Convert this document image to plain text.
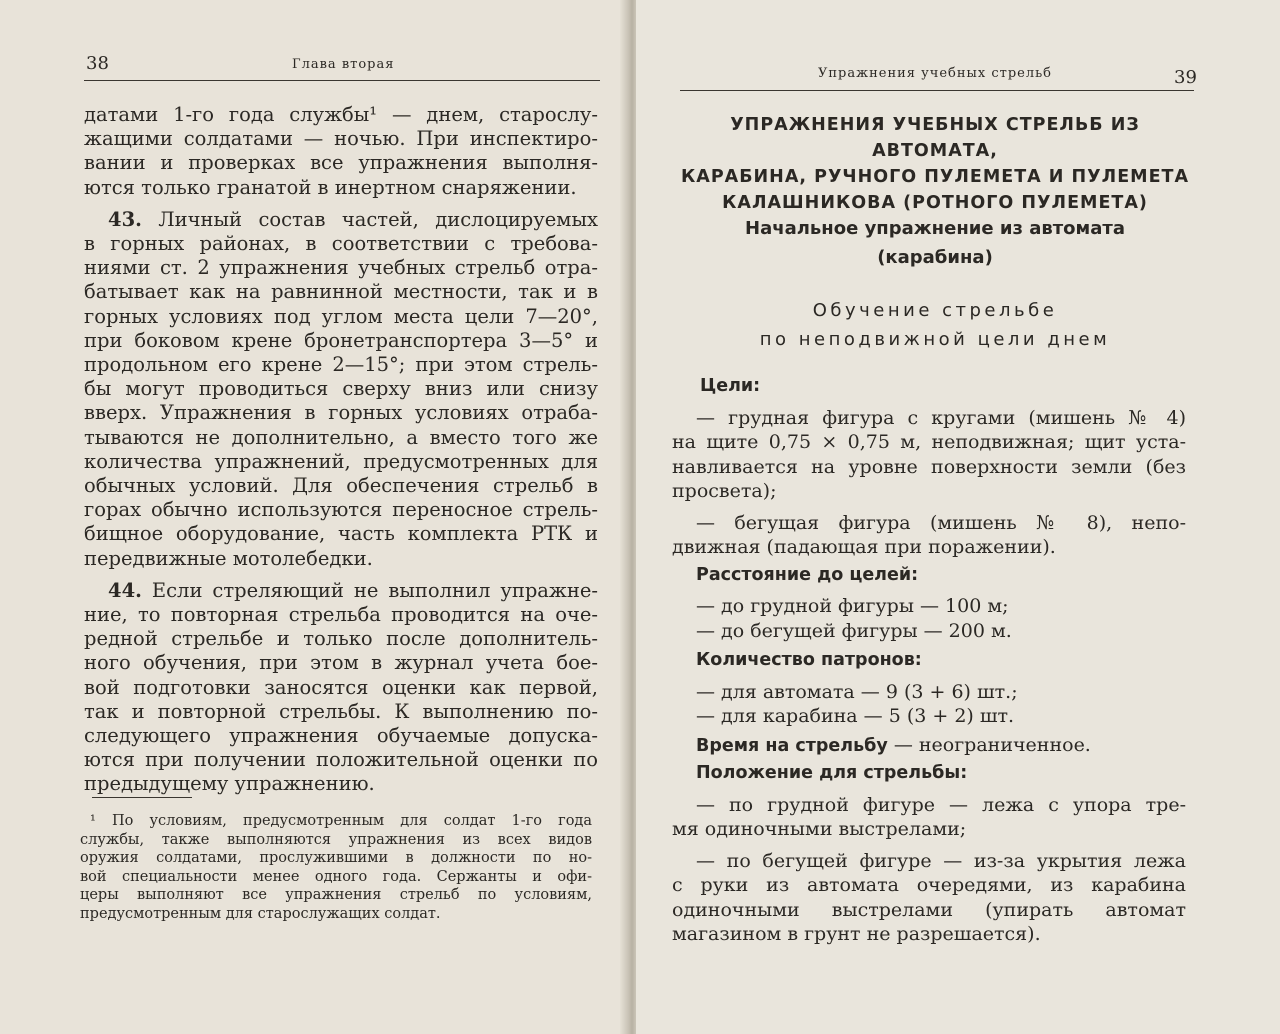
38	Глава вторая
датами 1-го года службы¹ — днем, старослу-
жащими солдатами — ночью. При инспектиро-
вании и проверках все упражнения выполня-
ются только гранатой в инертном снаряжении.
43. Личный состав частей, дислоцируемых
в горных районах, в соответствии с требова-
ниями ст. 2 упражнения учебных стрельб отра-
батывает как на равнинной местности, так и в
горных условиях под углом места цели 7—20°,
при боковом крене бронетранспортера 3—5° и
продольном его крене 2—15°; при этом стрель-
бы могут проводиться сверху вниз или снизу
вверх. Упражнения в горных условиях отраба-
тываются не дополнительно, а вместо того же
количества упражнений, предусмотренных для
обычных условий. Для обеспечения стрельб в
горах обычно используются переносное стрель-
бищное оборудование, часть комплекта РТК и
передвижные мотолебедки.
44. Если стреляющий не выполнил упражне-
ние, то повторная стрельба проводится на оче-
редной стрельбе и только после дополнитель-
ного обучения, при этом в журнал учета бое-
вой подготовки заносятся оценки как первой,
так и повторной стрельбы. К выполнению по-
следующего упражнения обучаемые допуска-
ются при получении положительной оценки по
предыдущему упражнению.
¹ По условиям, предусмотренным для солдат 1-го года
службы, также выполняются упражнения из всех видов
оружия солдатами, прослужившими в должности по но-
вой специальности менее одного года. Сержанты и офи-
церы выполняют все упражнения стрельб по условиям,
предусмотренным для старослужащих солдат.
Упражнения учебных стрельб	39
УПРАЖНЕНИЯ УЧЕБНЫХ СТРЕЛЬБ ИЗ АВТОМАТА,
КАРАБИНА, РУЧНОГО ПУЛЕМЕТА И ПУЛЕМЕТА
КАЛАШНИКОВА (РОТНОГО ПУЛЕМЕТА)
Начальное упражнение из автомата
(карабина)
Обучение стрельбе
по неподвижной цели днем
Цели:
— грудная фигура с кругами (мишень № 4)
на щите 0,75 × 0,75 м, неподвижная; щит уста-
навливается на уровне поверхности земли (без
просвета);
— бегущая фигура (мишень № 8), непо-
движная (падающая при поражении).
Расстояние до целей:
— до грудной фигуры — 100 м;
— до бегущей фигуры — 200 м.
Количество патронов:
— для автомата — 9 (3 + 6) шт.;
— для карабина — 5 (3 + 2) шт.
Время на стрельбу — неограниченное.
Положение для стрельбы:
— по грудной фигуре — лежа с упора тре-
мя одиночными выстрелами;
— по бегущей фигуре — из-за укрытия лежа
с руки из автомата очередями, из карабина
одиночными выстрелами (упирать автомат
магазином в грунт не разрешается).
